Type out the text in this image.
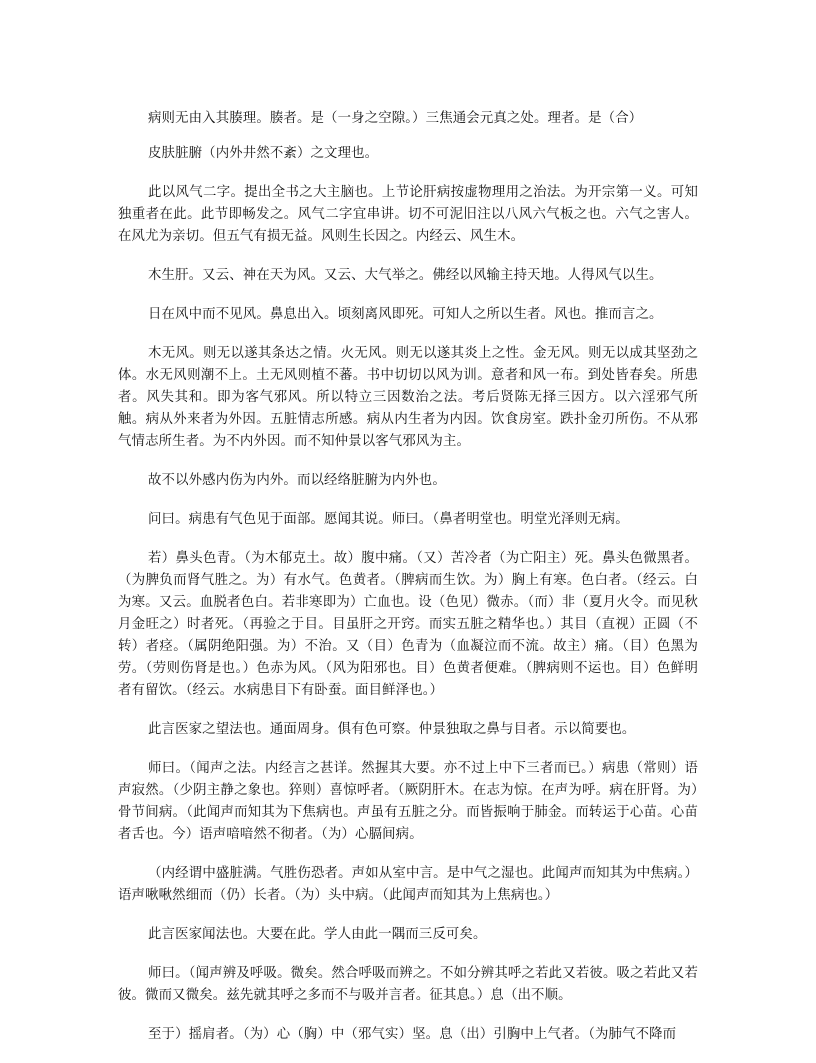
病则无由入其腠理。腠者。是（一身之空隙。）三焦通会元真之处。理者。是（合）

皮肤脏腑（内外井然不紊）之文理也。

此以风气二字。提出全书之大主脑也。上节论肝病按虚物理用之治法。为开宗第一义。可知独重者在此。此节即畅发之。风气二字宜串讲。切不可泥旧注以八风六气板之也。六气之害人。在风尤为亲切。但五气有损无益。风则生长因之。内经云、风生木。

木生肝。又云、神在天为风。又云、大气举之。佛经以风输主持天地。人得风气以生。

日在风中而不见风。鼻息出入。顷刻离风即死。可知人之所以生者。风也。推而言之。

木无风。则无以遂其条达之情。火无风。则无以遂其炎上之性。金无风。则无以成其坚劲之体。水无风则潮不上。土无风则植不蕃。书中切切以风为训。意者和风一布。到处皆春矣。所患者。风失其和。即为客气邪风。所以特立三因数治之法。考后贤陈无择三因方。以六淫邪气所触。病从外来者为外因。五脏情志所感。病从内生者为内因。饮食房室。跌扑金刃所伤。不从邪气情志所生者。为不内外因。而不知仲景以客气邪风为主。

故不以外感内伤为内外。而以经络脏腑为内外也。

问曰。病患有气色见于面部。愿闻其说。师曰。（鼻者明堂也。明堂光泽则无病。

若）鼻头色青。（为木郁克土。故）腹中痛。（又）苦冷者（为亡阳主）死。鼻头色微黑者。（为脾负而肾气胜之。为）有水气。色黄者。（脾病而生饮。为）胸上有寒。色白者。（经云。白为寒。又云。血脱者色白。若非寒即为）亡血也。设（色见）微赤。（而）非（夏月火令。而见秋月金旺之）时者死。（再验之于目。目虽肝之开窍。而实五脏之精华也。）其目（直视）正圆（不转）者痉。（属阴绝阳强。为）不治。又（目）色青为（血凝泣而不流。故主）痛。（目）色黑为劳。（劳则伤肾是也。）色赤为风。（风为阳邪也。目）色黄者便难。（脾病则不运也。目）色鲜明者有留饮。（经云。水病患目下有卧蚕。面目鲜泽也。）

此言医家之望法也。通面周身。俱有色可察。仲景独取之鼻与目者。示以简要也。

师曰。（闻声之法。内经言之甚详。然握其大要。亦不过上中下三者而已。）病患（常则）语声寂然。（少阴主静之象也。猝则）喜惊呼者。（厥阴肝木。在志为惊。在声为呼。病在肝肾。为）骨节间病。（此闻声而知其为下焦病也。声虽有五脏之分。而皆振响于肺金。而转运于心苗。心苗者舌也。今）语声喑喑然不彻者。（为）心膈间病。

（内经谓中盛脏满。气胜伤恐者。声如从室中言。是中气之湿也。此闻声而知其为中焦病。）语声啾啾然细而（仍）长者。（为）头中病。（此闻声而知其为上焦病也。）

此言医家闻法也。大要在此。学人由此一隅而三反可矣。

师曰。（闻声辨及呼吸。微矣。然合呼吸而辨之。不如分辨其呼之若此又若彼。吸之若此又若彼。微而又微矣。兹先就其呼之多而不与吸并言者。征其息。）息（出不顺。

至于）摇肩者。（为）心（胸）中（邪气实）坚。息（出）引胸中上气者。（为肺气不降而
